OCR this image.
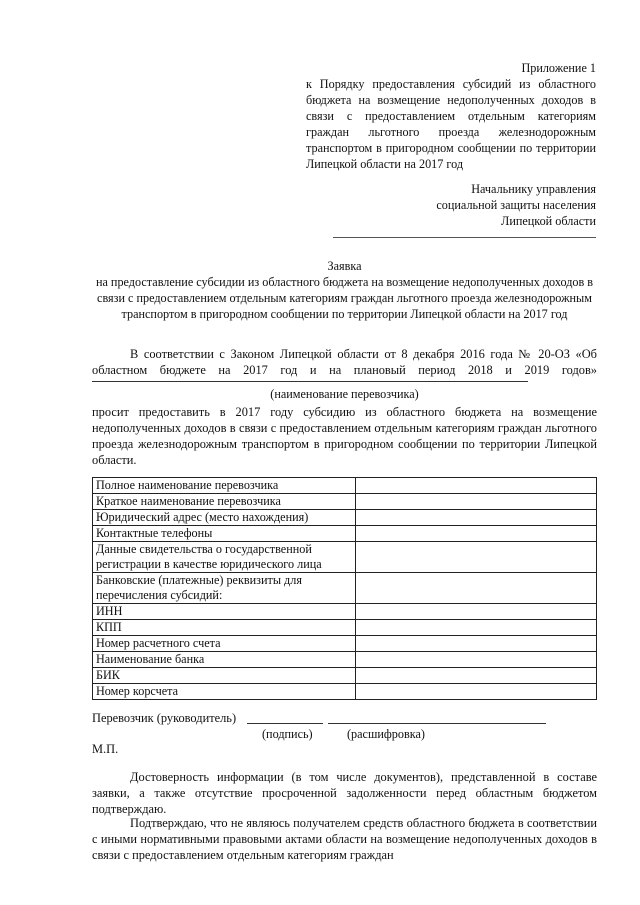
Приложение 1
к Порядку предоставления субсидий из областного бюджета на возмещение недополученных доходов в связи с предоставлением отдельным категориям граждан льготного проезда железнодорожным транспортом в пригородном сообщении по территории Липецкой области на 2017 год
Начальнику управления
социальной защиты населения
Липецкой области
Заявка
на предоставление субсидии из областного бюджета на возмещение недополученных доходов в связи с предоставлением отдельным категориям граждан льготного проезда железнодорожным транспортом в пригородном сообщении по территории Липецкой области на 2017 год
В соответствии с Законом Липецкой области от 8 декабря 2016 года № 20-ОЗ «Об областном бюджете на 2017 год и на плановый период 2018 и 2019 годов»
(наименование перевозчика)
просит предоставить в 2017 году субсидию из областного бюджета на возмещение недополученных доходов в связи с предоставлением отдельным категориям граждан льготного проезда железнодорожным транспортом в пригородном сообщении по территории Липецкой области.
Полное наименование перевозчика	
Краткое наименование перевозчика	
Юридический адрес (место нахождения)	
Контактные телефоны	
Данные свидетельства о государственной регистрации в качестве юридического лица	
Банковские (платежные) реквизиты для перечисления субсидий:	
ИНН	
КПП	
Номер расчетного счета	
Наименование банка	
БИК	
Номер корсчета	
Перевозчик (руководитель)
(подпись)	(расшифровка)
М.П.
Достоверность информации (в том числе документов), представленной в составе заявки, а также отсутствие просроченной задолженности перед областным бюджетом подтверждаю.
Подтверждаю, что не являюсь получателем средств областного бюджета в соответствии с иными нормативными правовыми актами области на возмещение недополученных доходов в связи с предоставлением отдельным категориям граждан
